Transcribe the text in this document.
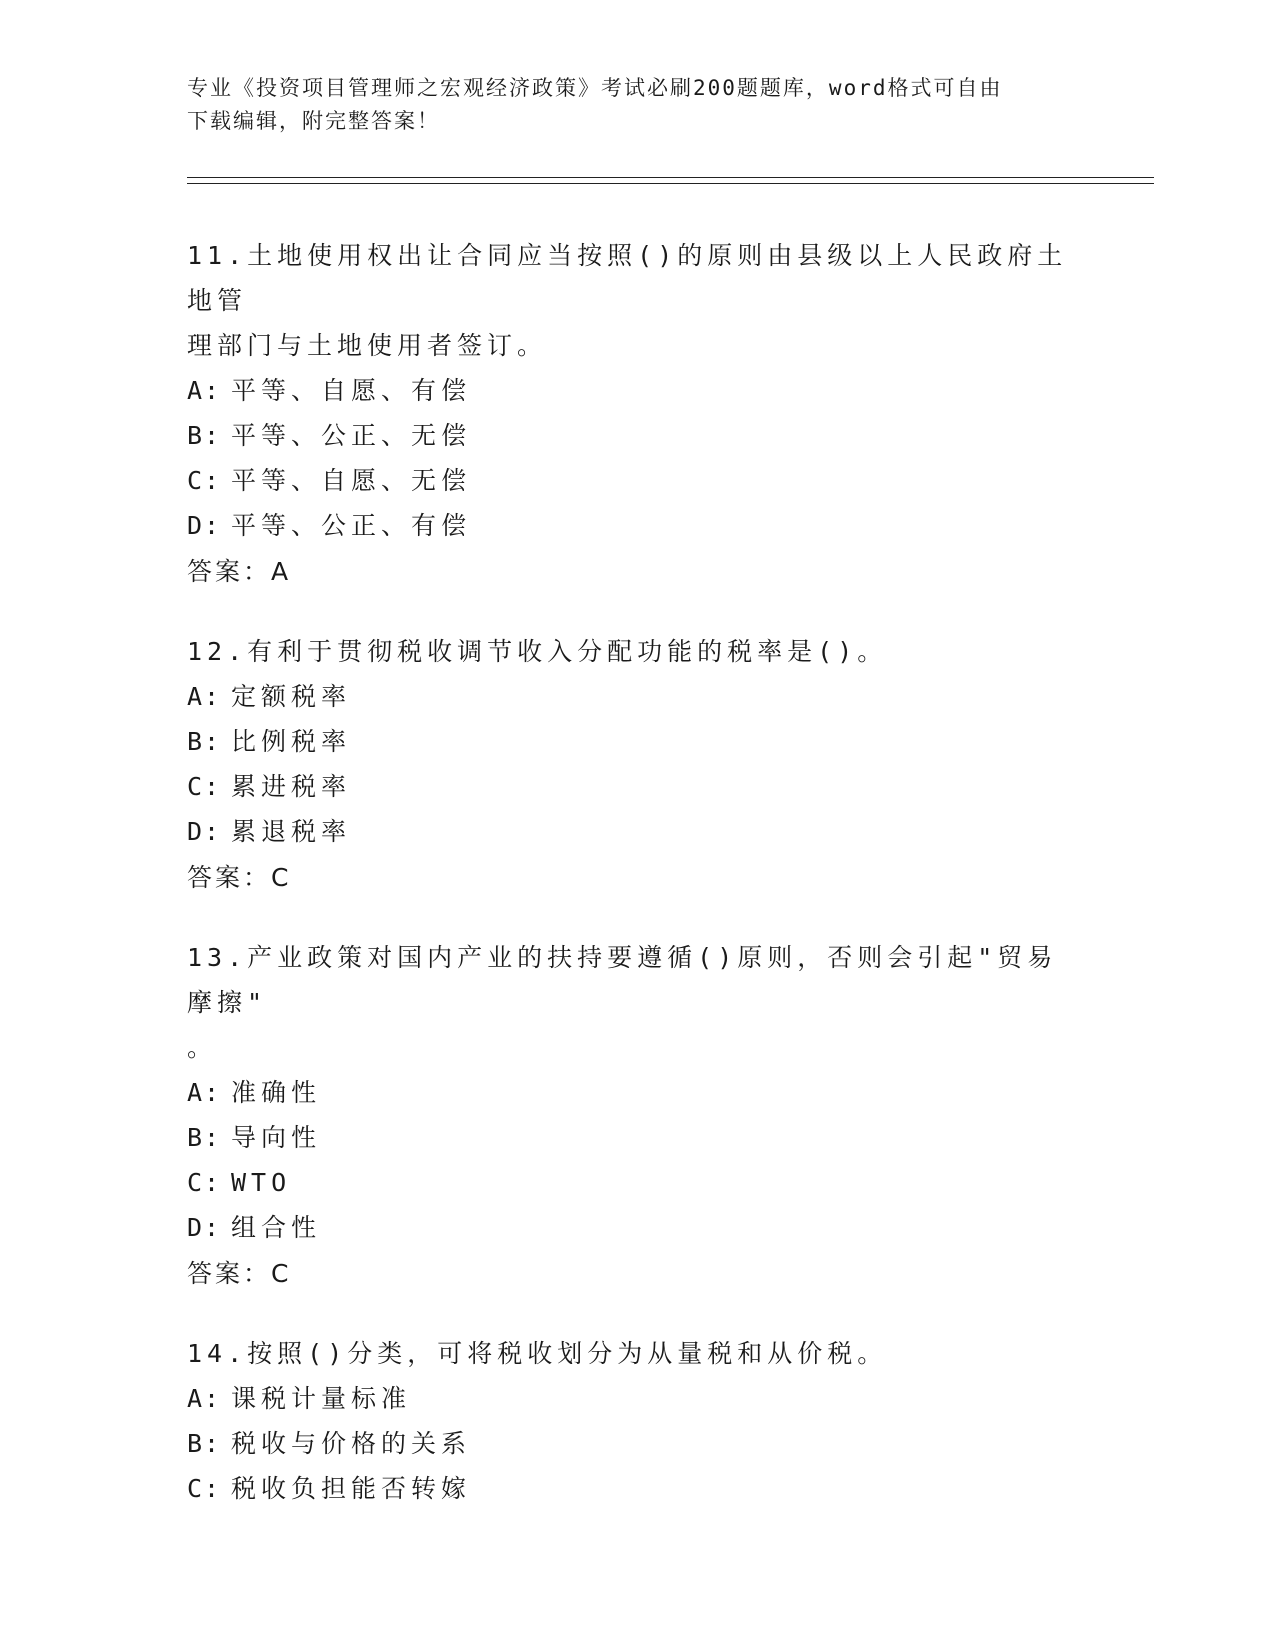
专业《投资项目管理师之宏观经济政策》考试必刷200题题库，word格式可自由
下载编辑，附完整答案！
11.土地使用权出让合同应当按照()的原则由县级以上人民政府土地管
理部门与土地使用者签订。
A: 平等、自愿、有偿
B: 平等、公正、无偿
C: 平等、自愿、无偿
D: 平等、公正、有偿
答案：A
12.有利于贯彻税收调节收入分配功能的税率是()。
A: 定额税率
B: 比例税率
C: 累进税率
D: 累退税率
答案：C
13.产业政策对国内产业的扶持要遵循()原则，否则会引起"贸易摩擦"
。
A: 准确性
B: 导向性
C: WTO
D: 组合性
答案：C
14.按照()分类，可将税收划分为从量税和从价税。
A: 课税计量标准
B: 税收与价格的关系
C: 税收负担能否转嫁
